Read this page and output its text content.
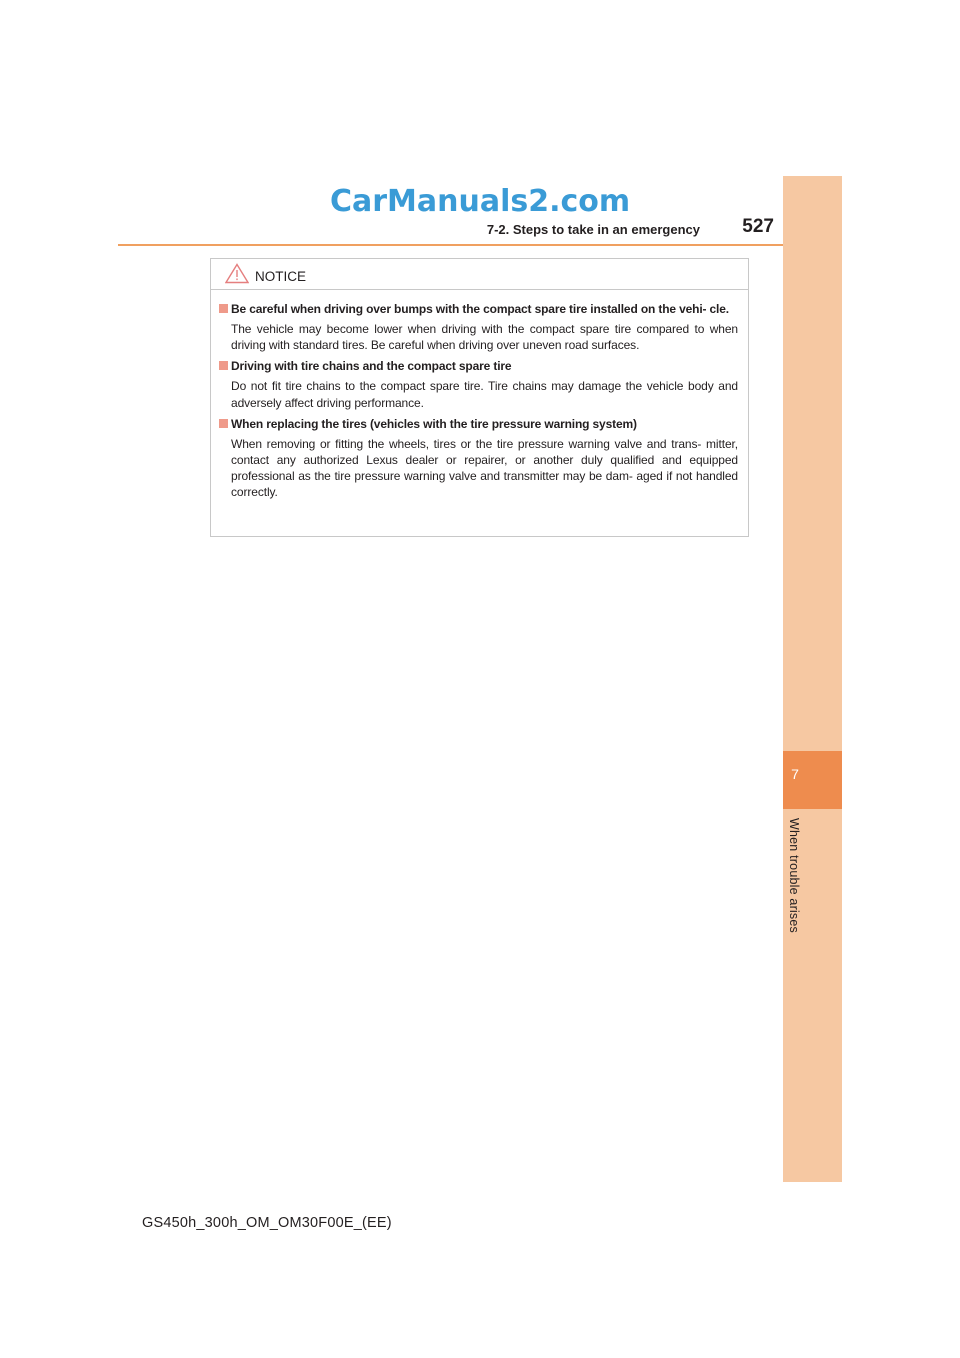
CarManuals2.com
7-2. Steps to take in an emergency	527
7
When trouble arises
NOTICE
Be careful when driving over bumps with the compact spare tire installed on the vehi- cle.
The vehicle may become lower when driving with the compact spare tire compared to when driving with standard tires. Be careful when driving over uneven road surfaces.
Driving with tire chains and the compact spare tire
Do not fit tire chains to the compact spare tire. Tire chains may damage the vehicle body and adversely affect driving performance.
When replacing the tires (vehicles with the tire pressure warning system)
When removing or fitting the wheels, tires or the tire pressure warning valve and trans- mitter, contact any authorized Lexus dealer or repairer, or another duly qualified and equipped professional as the tire pressure warning valve and transmitter may be dam- aged if not handled correctly.
GS450h_300h_OM_OM30F00E_(EE)
